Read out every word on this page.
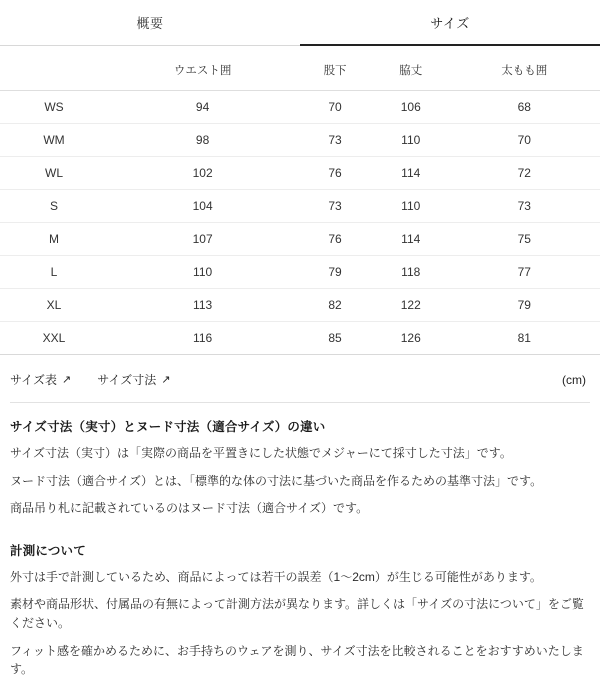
概要	サイズ
	ウエスト囲	股下	脇丈	太もも囲
WS	94	70	106	68
WM	98	73	110	70
WL	102	76	114	72
S	104	73	110	73
M	107	76	114	75
L	110	79	118	77
XL	113	82	122	79
XXL	116	85	126	81
サイズ表 ↗ サイズ寸法 ↗	(cm)
サイズ寸法（実寸）とヌード寸法（適合サイズ）の違い

サイズ寸法（実寸）は「実際の商品を平置きにした状態でメジャーにて採寸した寸法」です。

ヌード寸法（適合サイズ）とは、「標準的な体の寸法に基づいた商品を作るための基準寸法」です。

商品吊り札に記載されているのはヌード寸法（適合サイズ）です。

計測について

外寸は手で計測しているため、商品によっては若干の誤差（1〜2cm）が生じる可能性があります。

素材や商品形状、付属品の有無によって計測方法が異なります。詳しくは「サイズの寸法について」をご覧ください。

フィット感を確かめるために、お手持ちのウェアを測り、サイズ寸法を比較されることをおすすめいたします。
